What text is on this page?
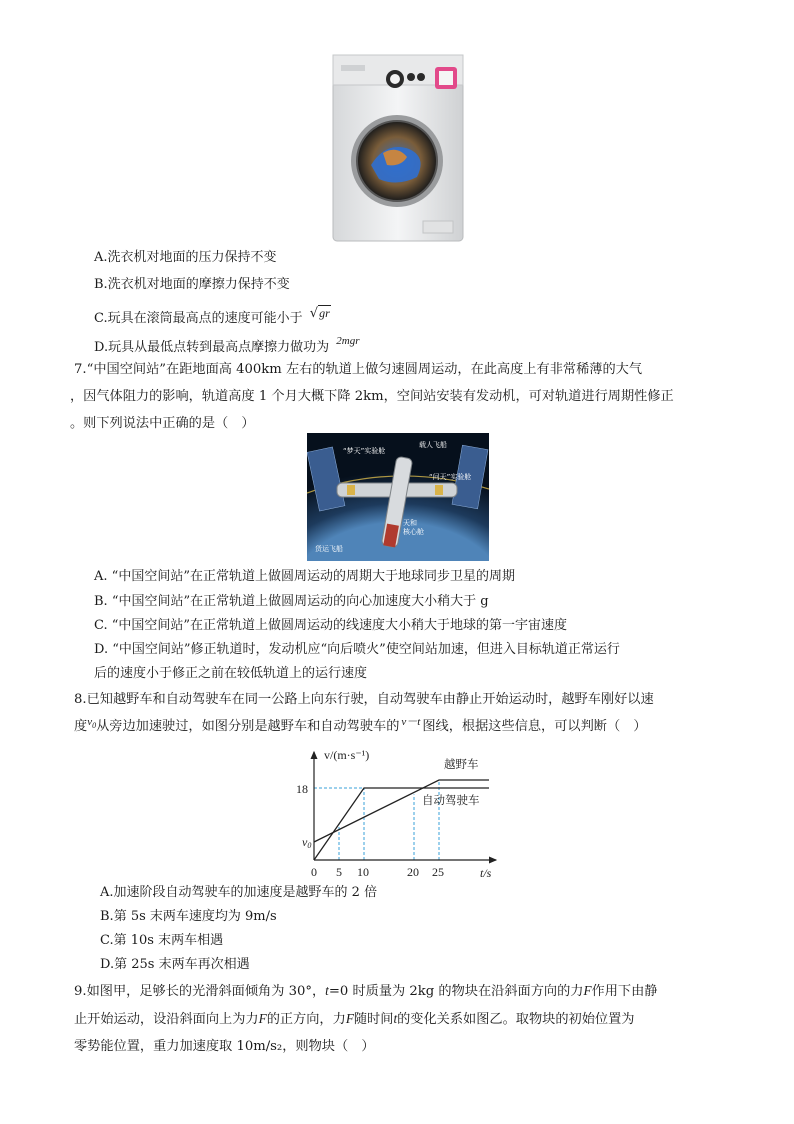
A.洗衣机对地面的压力保持不变
B.洗衣机对地面的摩擦力保持不变
C.玩具在滚筒最高点的速度可能小于 √gr
D.玩具从最低点转到最高点摩擦力做功为 $^{2mgr}$
7.“中国空间站”在距地面高 400km 左右的轨道上做匀速圆周运动，在此高度上有非常稀薄的大气
，因气体阻力的影响，轨道高度 1 个月大概下降 2km，空间站安装有发动机，可对轨道进行周期性修正
。则下列说法中正确的是（　）
“梦天”实验舱
载人飞船
“问天”实验舱
天和
核心舱
货运飞船
A. “中国空间站”在正常轨道上做圆周运动的周期大于地球同步卫星的周期
B. “中国空间站”在正常轨道上做圆周运动的向心加速度大小稍大于 g
C. “中国空间站”在正常轨道上做圆周运动的线速度大小稍大于地球的第一宇宙速度
D. “中国空间站”修正轨道时，发动机应“向后喷火”使空间站加速，但进入目标轨道正常运行
后的速度小于修正之前在较低轨道上的运行速度
8.已知越野车和自动驾驶车在同一公路上向东行驶，自动驾驶车由静止开始运动时，越野车刚好以速
度$^{v_0}$从旁边加速驶过，如图分别是越野车和自动驾驶车的 $^{v-t}$ 图线，根据这些信息，可以判断（　）
v/(m·s⁻¹)
t/s
0 5 10	20 25
18
v0
越野车
自动驾驶车
A.加速阶段自动驾驶车的加速度是越野车的 2 倍
B.第 5s 末两车速度均为 9m/s
C.第 10s 末两车相遇
D.第 25s 末两车再次相遇
9.如图甲，足够长的光滑斜面倾角为 30°，t=0 时质量为 2kg 的物块在沿斜面方向的力F作用下由静
止开始运动，设沿斜面向上为力F的正方向，力F随时间t的变化关系如图乙。取物块的初始位置为
零势能位置，重力加速度取 10m/s₂，则物块（　）
